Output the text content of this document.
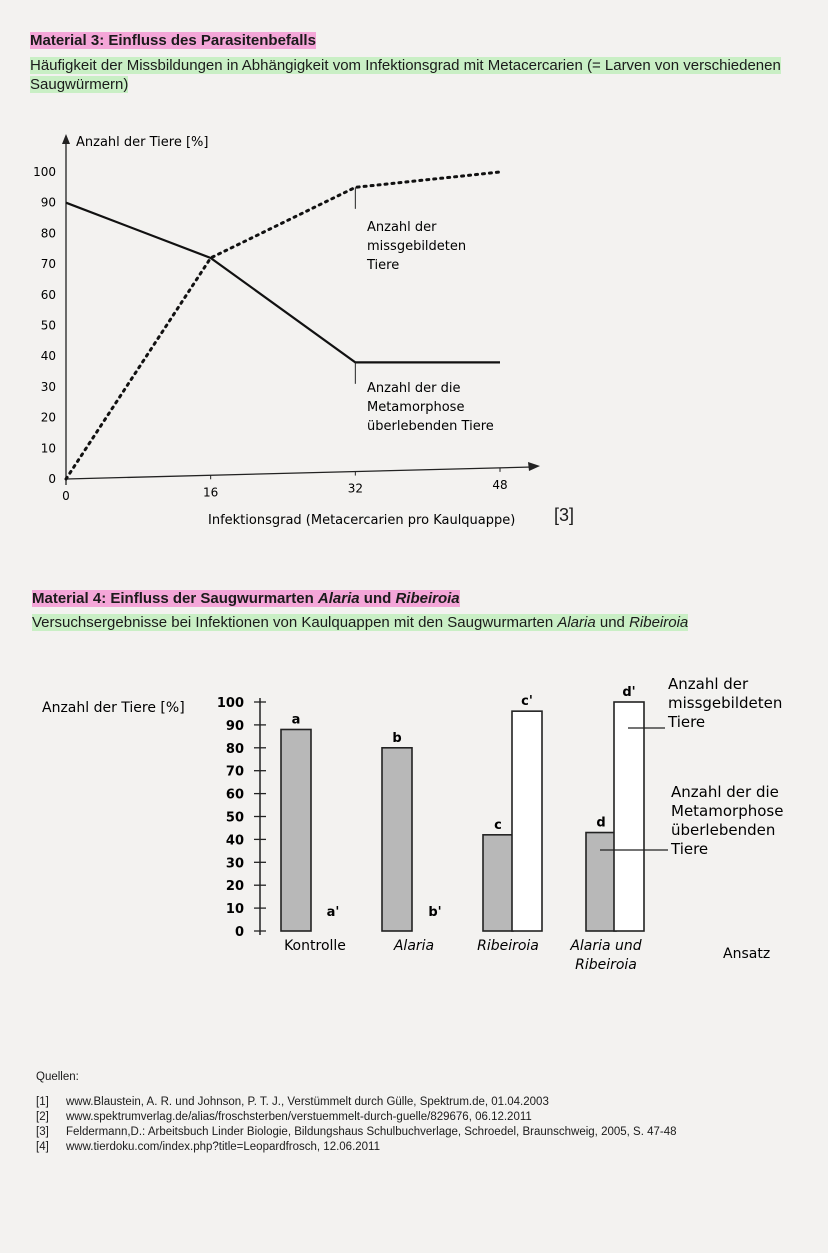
Material 3: Einfluss des Parasitenbefalls
Häufigkeit der Missbildungen in Abhängigkeit vom Infektionsgrad mit Metacercarien (= Larven von verschiedenen Saugwürmern)
Anzahl der Tiere [%]
0
10
20
30
40
50
60
70
80
90
100
0	16	32	48
Infektionsgrad (Metacercarien pro Kaulquappe)
Anzahl der
missgebildeten
Tiere
Anzahl der die
Metamorphose
überlebenden Tiere
[3]
Material 4: Einfluss der Saugwurmarten Alaria und Ribeiroia
Versuchsergebnisse bei Infektionen von Kaulquappen mit den Saugwurmarten Alaria und Ribeiroia
Anzahl der Tiere [%]
0
10
20
30
40
50
60
70
80
90
100
a
b
c	d
a'	b'
c'
d'
Kontrolle	Alaria	Ribeiroia Alaria und
Ribeiroia
Ansatz
Anzahl der
missgebildeten
Tiere
Anzahl der die
Metamorphose
überlebenden
Tiere
Quellen:
[1]	www.Blaustein, A. R. und Johnson, P. T. J., Verstümmelt durch Gülle, Spektrum.de, 01.04.2003
[2]	www.spektrumverlag.de/alias/froschsterben/verstuemmelt-durch-guelle/829676, 06.12.2011
[3]	Feldermann,D.: Arbeitsbuch Linder Biologie, Bildungshaus Schulbuchverlage, Schroedel, Braunschweig, 2005, S. 47-48
[4]	www.tierdoku.com/index.php?title=Leopardfrosch, 12.06.2011
